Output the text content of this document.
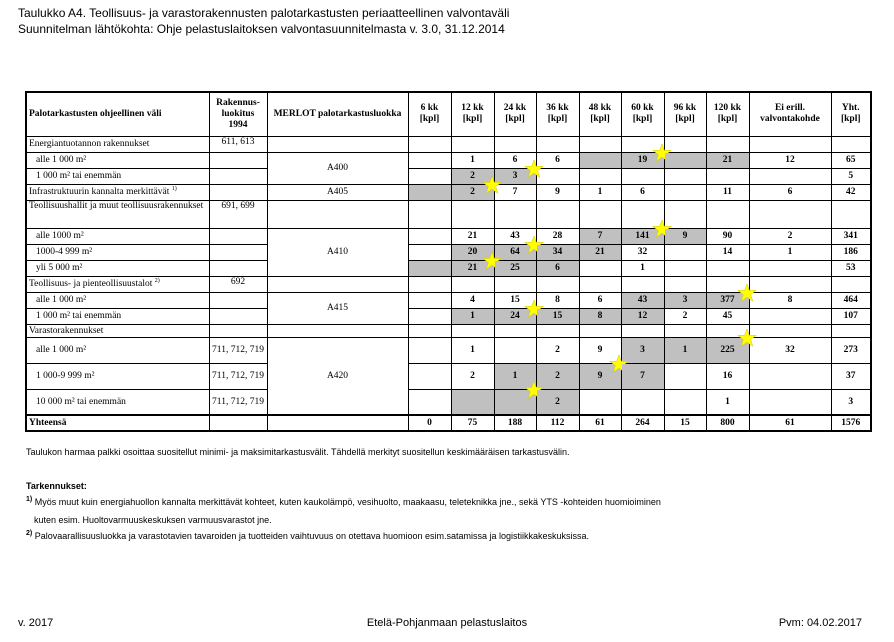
Taulukko A4. Teollisuus- ja varastorakennusten palotarkastusten periaatteellinen valvontaväli
Suunnitelman lähtökohta: Ohje pelastuslaitoksen valvontasuunnitelmasta v. 3.0, 31.12.2014
Palotarkastusten ohjeellinen väli	Rakennus-luokitus 1994	MERLOT palotarkastusluokka	6 kk [kpl]	12 kk [kpl]	24 kk [kpl]	36 kk [kpl]	48 kk [kpl]	60 kk [kpl]	96 kk [kpl]	120 kk [kpl]	Ei erill. valvontakohde	Yht. [kpl]
Energiantuotannon rakennukset	611, 613											
alle 1 000 m²		A400		1	6	6		19		21	12	65
1 000 m² tai enemmän				2	3							5
Infrastruktuurin kannalta merkittävät $^{1)}$		A405		2	7	9	1	6		11	6	42
Teollisuushallit ja muut teollisuusrakennukset	691, 699											
alle 1000 m²		A410		21	43	28	7	141	9	90	2	341
1000-4 999 m²				20	64	34	21	32		14	1	186
yli 5 000 m²				21	25	6		1				53
Teollisuus- ja pienteollisuustalot $^{2)}$	692											
alle 1 000 m²		A415		4	15	8	6	43	3	377	8	464
1 000 m² tai enemmän				1	24	15	8	12	2	45		107
Varastorakennukset												
alle 1 000 m²	711, 712, 719	A420		1		2	9	3	1	225	32	273
1 000-9 999 m²	711, 712, 719			2	1	2	9	7		16		37
10 000 m² tai enemmän	711, 712, 719					2				1		3
Yhteensä			0	75	188	112	61	264	15	800	61	1576
Taulukon harmaa palkki osoittaa suositellut minimi- ja maksimitarkastusvälit. Tähdellä merkityt suositellun keskimääräisen tarkastusvälin.
Tarkennukset:
$^{1)}$ Myös muut kuin energiahuollon kannalta merkittävät kohteet, kuten kaukolämpö, vesihuolto, maakaasu, teleteknikka jne., sekä YTS -kohteiden huomioiminen
kuten esim. Huoltovarmuuskeskuksen varmuusvarastot jne.
$^{2)}$ Palovaarallisuusluokka ja varastotavien tavaroiden ja tuotteiden vaihtuvuus on otettava huomioon esim.satamissa ja logistiikkakeskuksissa.
v. 2017	Etelä-Pohjanmaan pelastuslaitos	Pvm: 04.02.2017
